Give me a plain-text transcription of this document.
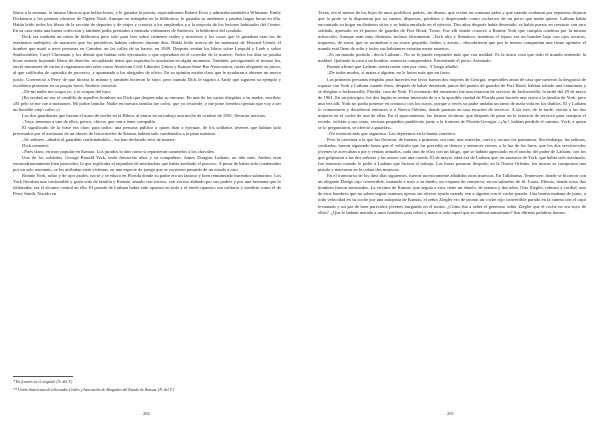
libros a la semana, lo mismo libracos que bellas-letras, y le gustaba la poesía, especialmente Robert Frost y admiraba también a Whitman. Emily Dickinson y los poemas cómicos de Ogden Nash. Aunque no trabajaba en la biblioteca, le gustaba su ambiente y pasaba largas horas en ella. Había leído todos los libros de la sección de deportes y de viajes y conocía a los empleados y a la mayoría de los lectores habituales del Centro. En su casa tenía una buena colección y también pedía prestados a menudo volúmenes de Andrews, la biblioteca del condado.

Dick era también un ratón de biblioteca pero sólo para leer sobre crímenes reales y misterios y los casos que le gustaban eran los de asesinatos múltiples, de masacres que los periódicos habían cubierto durante días. Había leído acerca de las matanzas de Howard Unruh, el hombre que mató a trece personas en Camden, en las calles de su barrio, en 1949. Después venían los libros sobre Leopold y Loeb y sobre Starkweather, Caryl Chessman y los demás que habían sido ejecutados o que esperaban en el corredor de la muerte. Todos los días se pasaba horas enteras hojeando libros de derecho, recopilando datos que esperaba le ayudarían en algún momento. También, persiguiendo el mismo fin, envió montones de cartas a organizaciones tales como American Civil Liberties Union y Kansas State Bar Association, cartas alegando su juicio, al que calificaba de «parodia de proceso», y apuntando a los abogados de oficio. En su opinión estaba claro que le ayudaran a obtener un nuevo juicio. Convenció a Perry de que hiciera lo mismo y también hicieron lo suyo, pero cuando Dick le sugirió a Andy que siguiera su ejemplo y escribiera protestas en su propio favor, Andrew contestó:

–De mí nadie me ocupa yo, y te ocupas del tuyo.

(En verdad no era el caudillo de aquellos hombres un Dick que despreciaba su entorno. En una de las cartas dirigidas a su madre, escribía: «El pelo se me cae a montones. Mi pobre familia. Nadie en nuestra familia fue calvo, que yo recuerde, y me pone frenético pensar que voy a ser un horrible viejo calvo.»)

Los dos guardianes que hacían el turno de noche en la Hilera, al entrar en su trabajo una noche de octubre de 1961, llevaron noticias.

–Vaya, tenemos a uno de ellos, perros, chicos; que van a tener compañía.

El significado de la frase era claro para todos: una persona público a quien iban a ejecutar, de los soldados jóvenes que habían sido procesados por el asesinato de un obrero de ferrocarriles de Kansas habían sido condenados a la pena máxima.

–Sí, señores –añadió el guardián confirmándolo–, los han declarado reos de muerte.

Dick comentó:

–Pues claro, en muy popular en Kansas. Los jurados lo dan como si repartieran caramelos a los chavales.

Uno de los soldados, George Ronald York, tenía dieciocho años y su compañero, James Douglas Latham, un año más. Ambos eran extraordinariamente bien parecidos, lo que explicaba el enjambre de muchachas que había asediado el proceso. A pesar de haber sido condenados por un solo asesinato, se les atribuían siete víctimas, en una especie de juerga que se corrieron pasando de un estado a otro.

Ronnie York, rubio y de ojos azules, nació y se educó en Florida donde su padre era un famoso y bien remunerado buceador submarino. Los York llevaban una confortable y grata vida de familia y Ronnie, amado con exceso, con exceso alabado por sus padres y por una hermana que lo idolatraba, era el alcance central en ella. El pasado de Latham había sido opuesto en todo y el envés opuesto; tan solitario y sombrío como el de Perry Smith. Nacido en

* En francés en el original. (N. del T.)

** Unión Americana de Libertades Civiles y Asociación de Abogados del Estado de Kansas. (N. del T.)

Texas, era el menor de los hijos de unos prolíficos padres, sin dinero, que vivían en continua pelea y que cuando acabaron por separarse dejaron que la prole se la disputaran por su cuenta, dispersos, perdidos y dispersando como cachorros de un perro que nadie quiere. Latham había encontrado su hogar en distintos sitios y se había enrolado en el ejército. Dos años después había desertado, se había puesto en contacto con otro soldado, apresado en el puesto de guardia de Fort Hood, Texas. Fue allí donde conoció a Ronnie York que cumplía condena por la misma infracción. Aunque eran muy distintos, incluso físicamente –York alto y flemático, mientras el tejano era un hombre bajo con ojos oscuros, inquietos, de zorra, que se asomaban a un rostro pequeño, ladino y astuto–, descubrieron que por lo menos compartían una firme opinión: el mundo está lleno de odio y todos sus habitantes estarían mejor muertos.

–Es un mundo podrido –decía Latham–. No se le puede responder más que con maldad. Es la única cosa que todo el mundo entiende: la maldad. Quémale la casa a un hombre, entonces comprenderá. Envenénale el perro. Asesínalo.

Ronnie afirmó que Latham «tenía razón cien por cien». Y luego añadió:

–De todos modos, si matas a alguien, no le haces más que un favor.

Las primeras personas elegidas para hacerles ese favor fueron dos mujeres de Georgia, respetables amas de casa que tuvieron la desgracia de toparse con York y Latham cuando éstos, después de haber desertado juntos del puesto de guardia de Fort Hood, habían robado una camioneta y se dirigían a Jacksonville, Florida, casa de York. El escenario del encuentro fue una estación de servicio de Jacksonville, la tarde del 29 de mayo de 1961. En un principio, los dos fugitivos tenían intención de ir a la apacible ciudad de Florida para hacerle una visita a la familia de York, pero una vez allí, York no podía ponerse en contacto con los suyos, porque a veces su padre andaba un tanto de mala vida en los diablos. El y Latham lo comentaron y decidieron entonces ir a Nueva Orleáns, donde pararon en una estación de servicio. A las tres, de la tarde, vieron a las dos mujeres en el coche de una de ellas. En el aparcamiento, las futuras víctimas, que después de parar en la estación de servicio para comprar el recado, volvían a sus casas, vecinas pequeñito pueblecito junto a la frontera de Florida-Georgia. «¡Ay!, habían perdido el camino. York, a quien se lo preguntaron, se ofreció a guiarlas».

–No tuvieron más que seguirnos. Las dejaremos en la buena carretera.

Pero la carretera a la que las llevaron, de buenas a primeras, era otra, una estrecha, curva y oscura vía pantanosa. Sin embargo, las señoras, confiadas, fueron siguiendo hasta que el vehículo que las precedía se detuvo y entonces vieron, a la luz de los faros, que los dos servicievoles jóvenes se acercaban a pie y venían armados, cada uno de ellos con un látigo, que se habían agenciado en el rancho del padre de Latham, con los que golpearon a las dos señoras y las ataron con una cuerda. El de mayor edad era de Latham que, en ausencia de York, que había sido asesinado, fue entonces cuando le pidió a Latham que hiciera el trabajo. Las horas pasaron; después, en la Nueva Orleáns, los mozos se compraron una pistola y marcaron en la culata dos muescas.

En el transcurso de los diez días siguientes, fueron sucesivamente añadidas otras muescas. En Tallahoma, Tennessee, donde se hicieron con un elegante Dodge rojo convertible, matando a tiros a su dueño, un viajante de comercio; en un suburbio de St. Louis, Illinois, donde otros dos hombres fueron asesinados. La víctima de Kansas, que seguía a esto, tiene un abuelo, de setenta y dos años, Otto Ziegler, robusto y cordial, uno de esos hombres que no saben seguir caminos ajenos sin ofrecer ayuda cuando ven a alguien con el coche parado. Una bonita mañana de junio, a todo velocidad en su coche por una autopista de Kansas, el señor Ziegler vio de pronto un coche rojo convertible parado en la cuneta con el capó levantado y un par de bien parecidos jóvenes hurgando en el motor. ¿Cómo iba a saber el generoso señor Ziegler que el coche no era suyo de ellos?. ¿Que le habían matado a unos hombres para robar y matar a todo aquel que se sintiera samaritano? Sus últimas palabras fueron:

204	205
